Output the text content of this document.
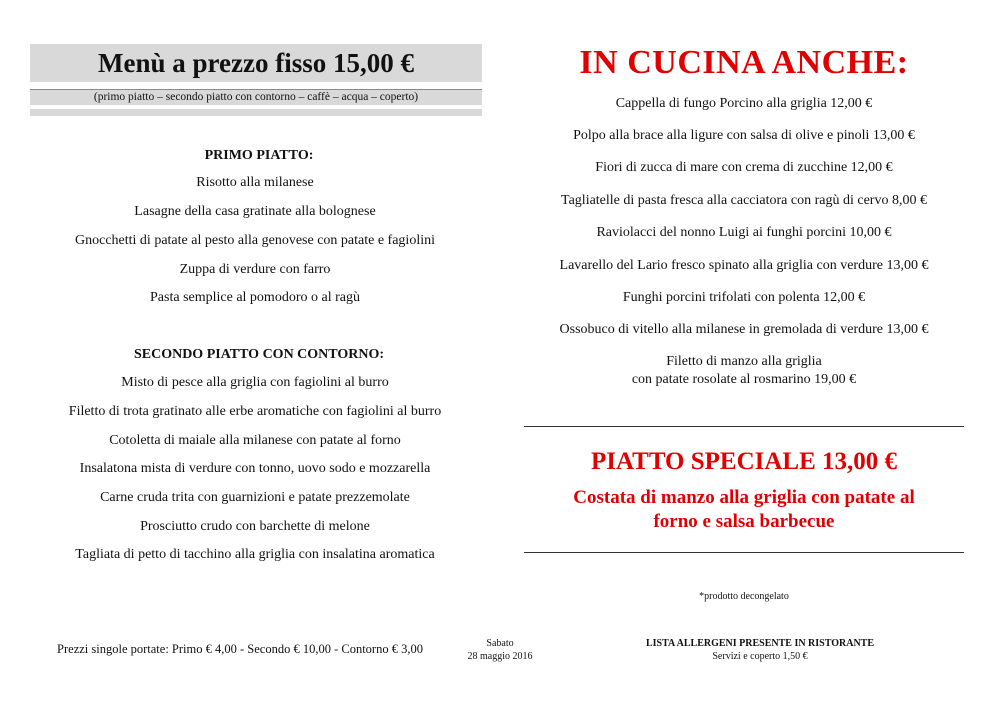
Menù a prezzo fisso 15,00 €
(primo piatto – secondo piatto con contorno – caffè – acqua – coperto)
PRIMO PIATTO:
Risotto alla milanese
Lasagne della casa gratinate alla bolognese
Gnocchetti di patate al pesto alla genovese con patate e fagiolini
Zuppa di verdure con farro
Pasta semplice al pomodoro o al ragù
SECONDO PIATTO CON CONTORNO:
Misto di pesce alla griglia con fagiolini al burro
Filetto di trota gratinato alle erbe aromatiche con fagiolini al burro
Cotoletta di maiale alla milanese con patate al forno
Insalatona mista di verdure con tonno, uovo sodo e mozzarella
Carne cruda trita con guarnizioni e patate prezzemolate
Prosciutto crudo con barchette di melone
Tagliata di petto di tacchino alla griglia con insalatina aromatica
IN CUCINA ANCHE:
Cappella di fungo Porcino alla griglia 12,00 €
Polpo alla brace alla ligure con salsa di olive e pinoli 13,00 €
Fiori di zucca di mare con crema di zucchine 12,00 €
Tagliatelle di pasta fresca alla cacciatora con ragù di cervo 8,00 €
Raviolacci del nonno Luigi ai funghi porcini 10,00 €
Lavarello del Lario fresco spinato alla griglia con verdure 13,00 €
Funghi porcini trifolati con polenta 12,00 €
Ossobuco di vitello alla milanese in gremolada di verdure 13,00 €
Filetto di manzo alla griglia
con patate rosolate al rosmarino 19,00 €
PIATTO SPECIALE 13,00 €
Costata di manzo alla griglia con patate al
forno e salsa barbecue
*prodotto decongelato
Prezzi singole portate: Primo € 4,00 - Secondo € 10,00 - Contorno € 3,00	Sabato
28 maggio 2016
LISTA ALLERGENI PRESENTE IN RISTORANTE
Servizi e coperto 1,50 €
